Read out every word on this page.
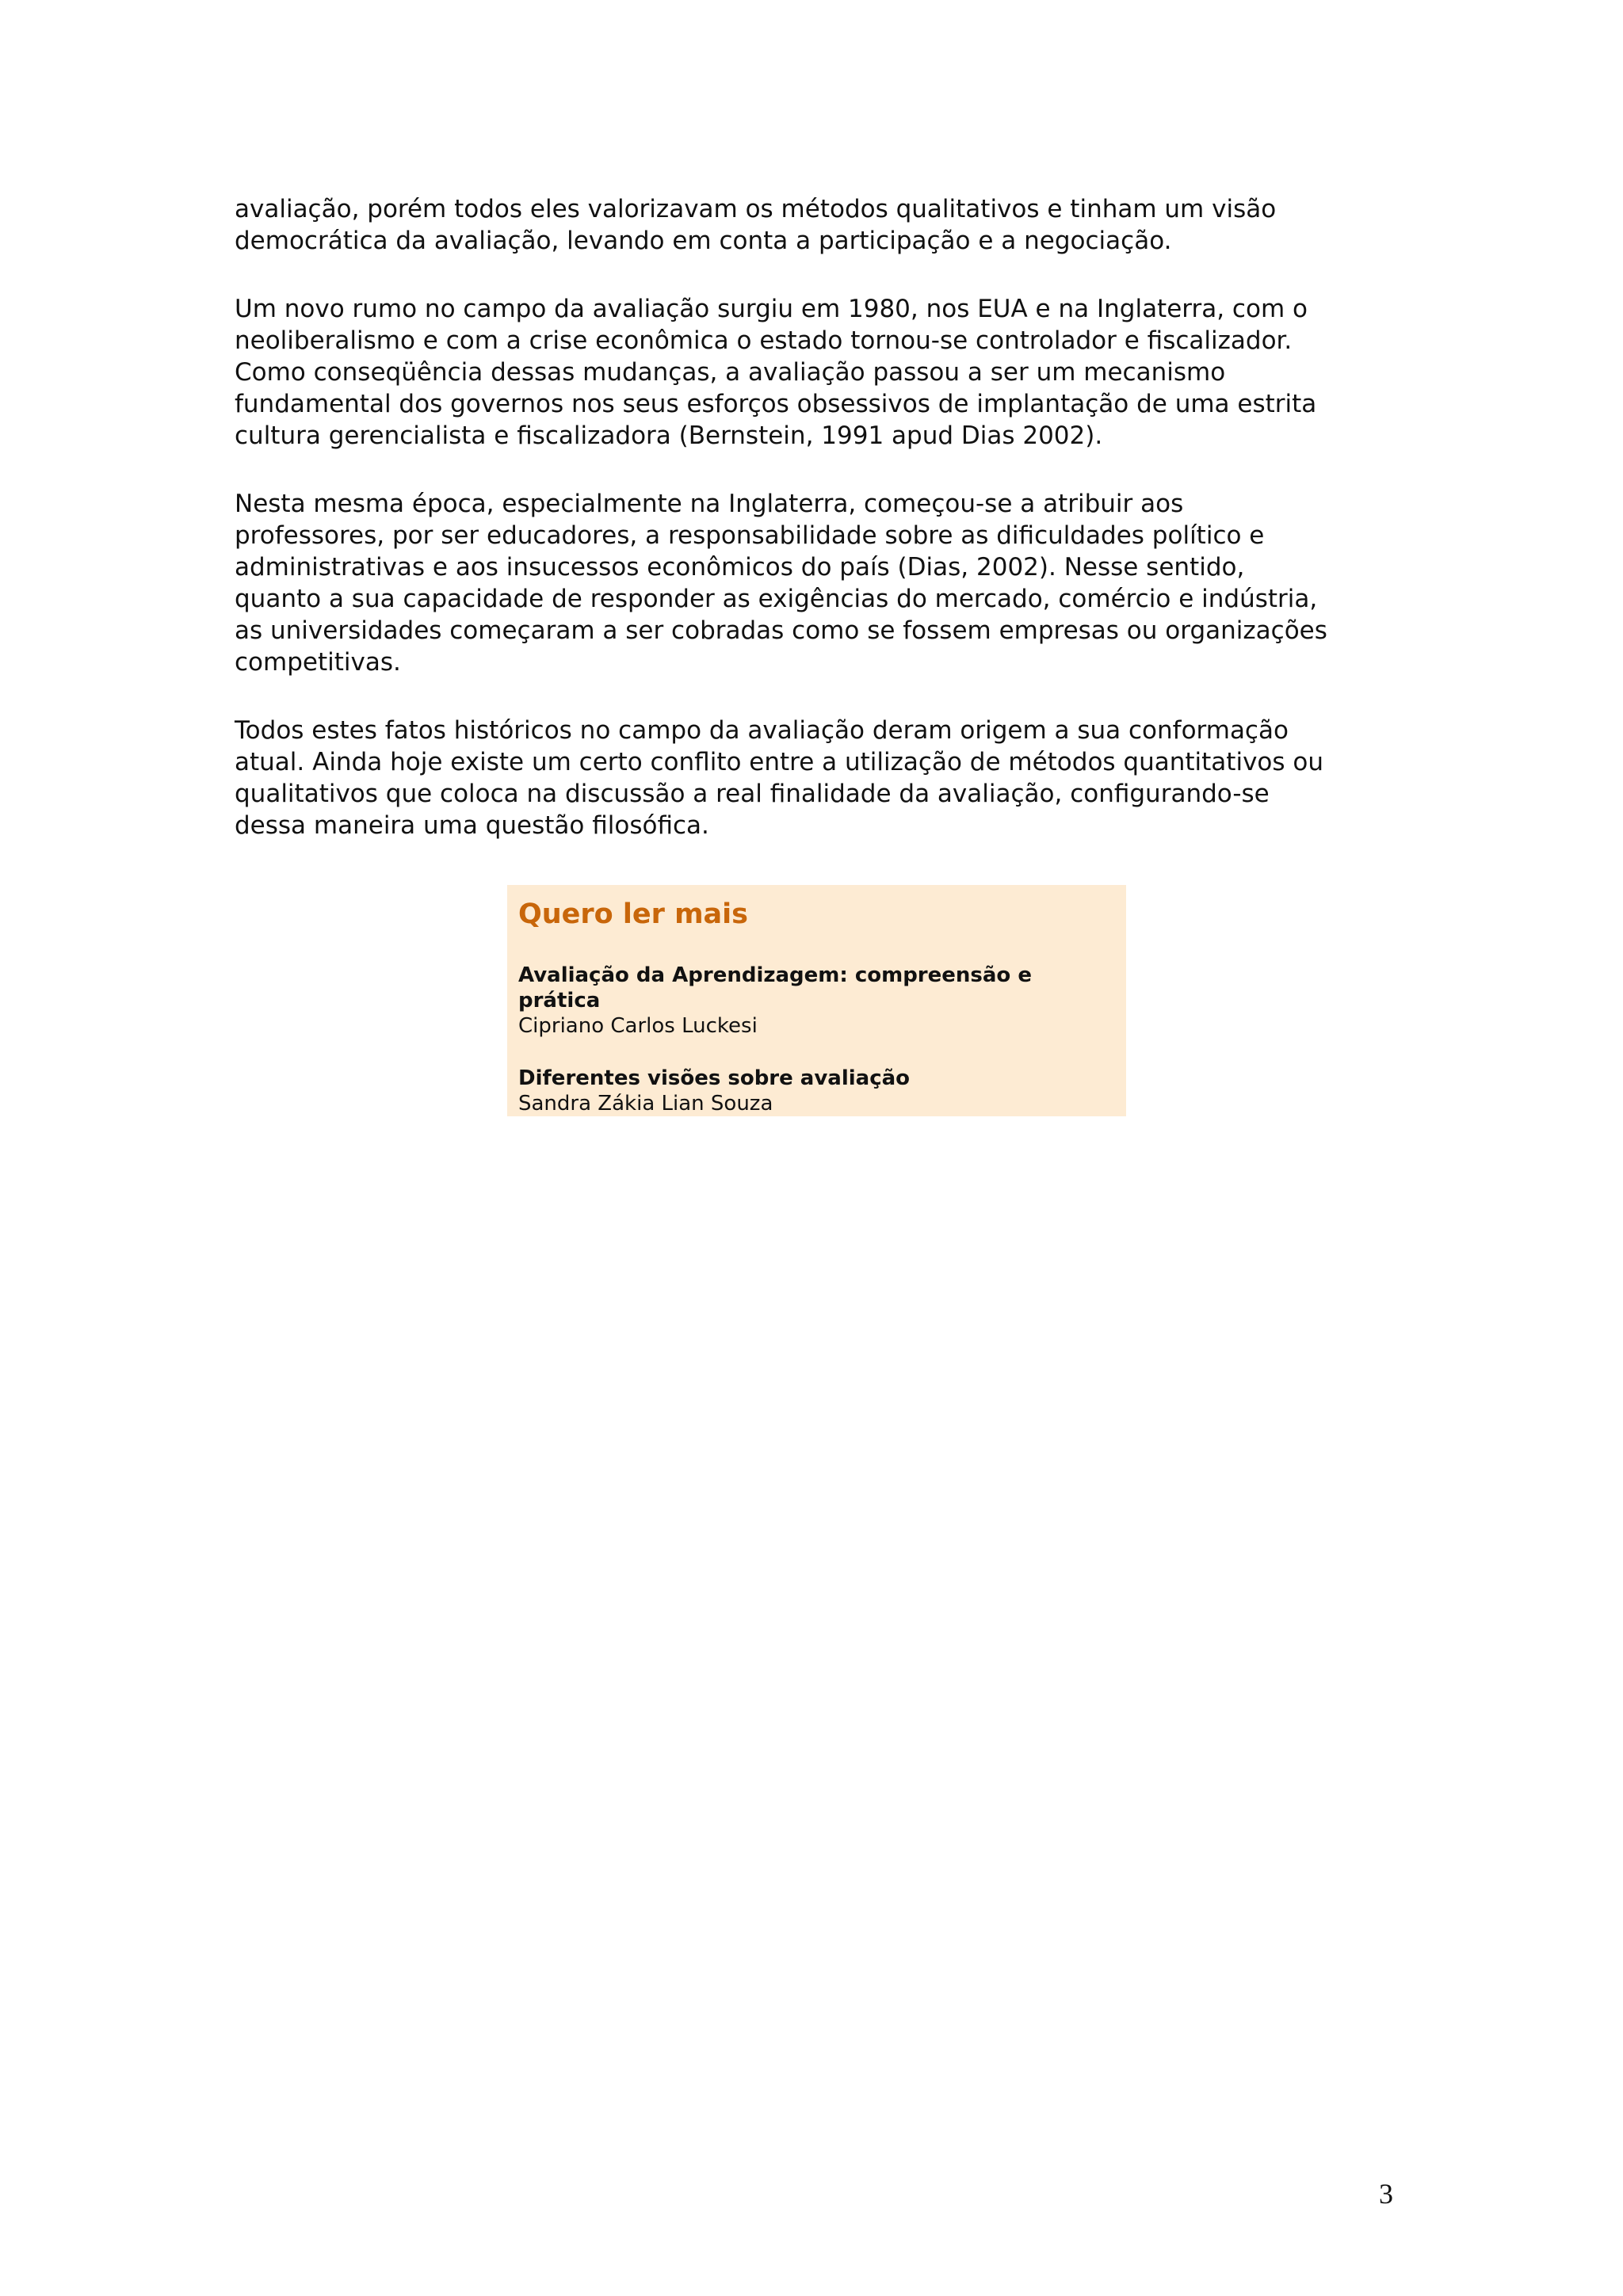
avaliação, porém todos eles valorizavam os métodos qualitativos e tinham um visão
democrática da avaliação, levando em conta a participação e a negociação.

Um novo rumo no campo da avaliação surgiu em 1980, nos EUA e na Inglaterra, com o
neoliberalismo e com a crise econômica o estado tornou-se controlador e fiscalizador.
Como conseqüência dessas mudanças, a avaliação passou a ser um mecanismo
fundamental dos governos nos seus esforços obsessivos de implantação de uma estrita
cultura gerencialista e fiscalizadora (Bernstein, 1991 apud Dias 2002).

Nesta mesma época, especialmente na Inglaterra, começou-se a atribuir aos
professores, por ser educadores, a responsabilidade sobre as dificuldades político e
administrativas e aos insucessos econômicos do país (Dias, 2002). Nesse sentido,
quanto a sua capacidade de responder as exigências do mercado, comércio e indústria,
as universidades começaram a ser cobradas como se fossem empresas ou organizações
competitivas.

Todos estes fatos históricos no campo da avaliação deram origem a sua conformação
atual. Ainda hoje existe um certo conflito entre a utilização de métodos quantitativos ou
qualitativos que coloca na discussão a real finalidade da avaliação, configurando-se
dessa maneira uma questão filosófica.

Quero ler mais
Avaliação da Aprendizagem: compreensão e prática
Cipriano Carlos Luckesi
Diferentes visões sobre avaliação
Sandra Zákia Lian Souza
3
